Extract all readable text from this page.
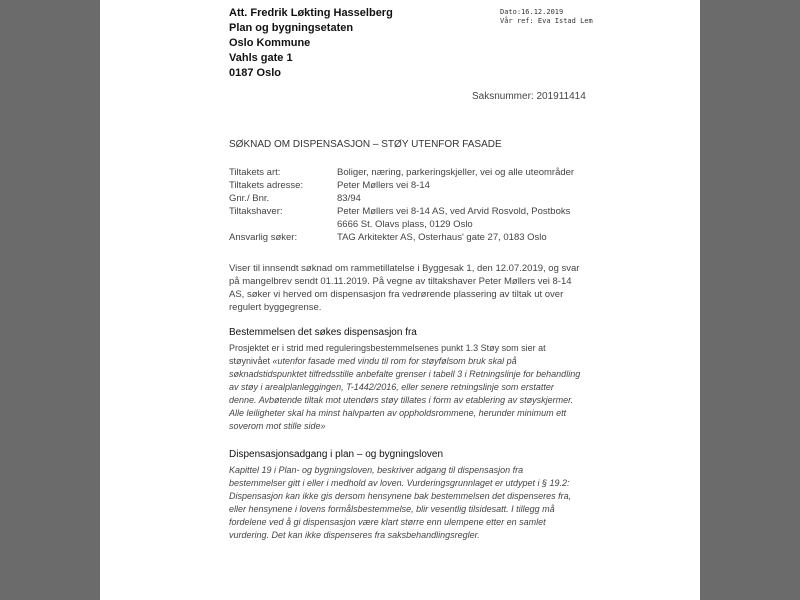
Att. Fredrik Løkting Hasselberg
Plan og bygningsetaten
Oslo Kommune
Vahls gate 1
0187 Oslo
Dato:16.12.2019
Vår ref: Eva Istad Lem
Saksnummer: 201911414
SØKNAD OM DISPENSASJON – STØY UTENFOR FASADE
Tiltakets art:	Boliger, næring, parkeringskjeller, vei og alle uteområder
Tiltakets adresse:	Peter Møllers vei 8-14
Gnr./ Bnr.	83/94
Tiltakshaver:	Peter Møllers vei 8-14 AS, ved Arvid Rosvold, Postboks 6666 St. Olavs plass, 0129 Oslo
Ansvarlig søker:	TAG Arkitekter AS, Osterhaus' gate 27, 0183 Oslo
Viser til innsendt søknad om rammetillatelse i Byggesak 1, den 12.07.2019, og svar på mangelbrev sendt 01.11.2019. På vegne av tiltakshaver Peter Møllers vei 8-14 AS, søker vi herved om dispensasjon fra vedrørende plassering av tiltak ut over regulert byggegrense.
Bestemmelsen det søkes dispensasjon fra
Prosjektet er i strid med reguleringsbestemmelsenes punkt 1.3 Støy som sier at støynivået «utenfor fasade med vindu til rom for støyfølsom bruk skal på søknadstidspunktet tilfredsstille anbefalte grenser i tabell 3 i Retningslinje for behandling av støy i arealplanleggingen, T-1442/2016, eller senere retningslinje som erstatter denne. Avbøtende tiltak mot utendørs støy tillates i form av etablering av støyskjermer. Alle leiligheter skal ha minst halvparten av oppholdsrommene, herunder minimum ett soverom mot stille side»
Dispensasjonsadgang i plan – og bygningsloven
Kapittel 19 i Plan- og bygningsloven, beskriver adgang til dispensasjon fra bestemmelser gitt i eller i medhold av loven. Vurderingsgrunnlaget er utdypet i § 19.2: Dispensasjon kan ikke gis dersom hensynene bak bestemmelsen det dispenseres fra, eller hensynene i lovens formålsbestemmelse, blir vesentlig tilsidesatt. I tillegg må fordelene ved å gi dispensasjon være klart større enn ulempene etter en samlet vurdering. Det kan ikke dispenseres fra saksbehandlingsregler.
